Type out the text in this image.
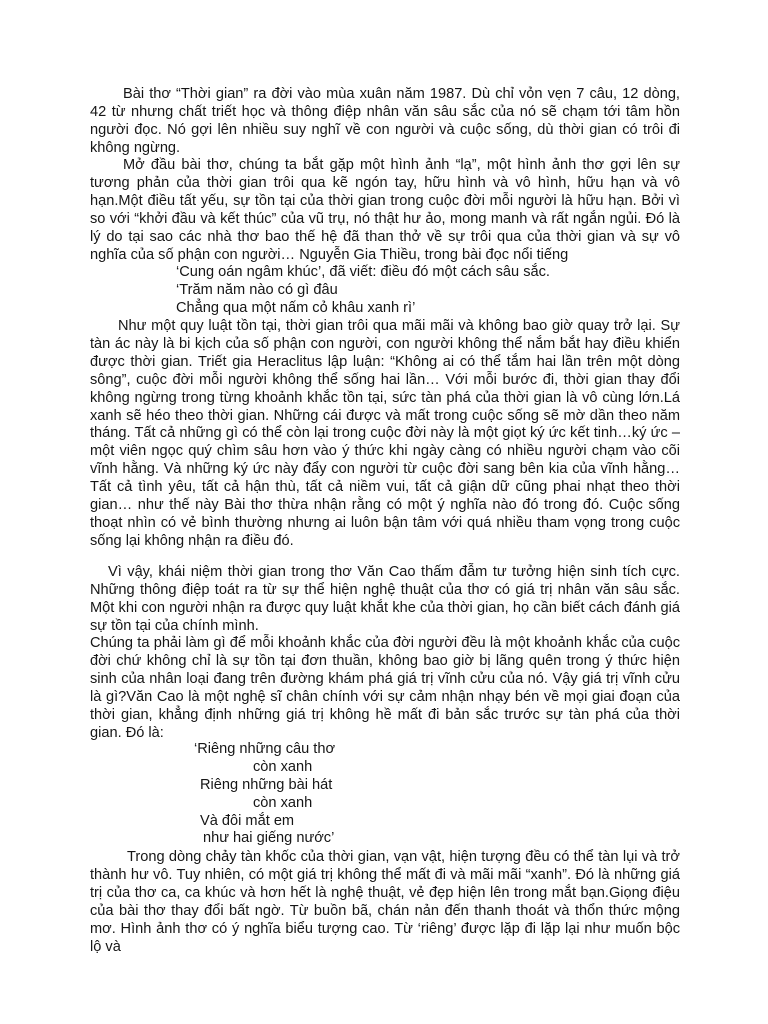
Bài thơ “Thời gian” ra đời vào mùa xuân năm 1987. Dù chỉ vỏn vẹn 7 câu, 12 dòng, 42 từ nhưng chất triết học và thông điệp nhân văn sâu sắc của nó sẽ chạm tới tâm hồn người đọc. Nó gợi lên nhiều suy nghĩ về con người và cuộc sống, dù thời gian có trôi đi không ngừng.

Mở đầu bài thơ, chúng ta bắt gặp một hình ảnh “lạ”, một hình ảnh thơ gợi lên sự tương phản của thời gian trôi qua kẽ ngón tay, hữu hình và vô hình, hữu hạn và vô hạn.Một điều tất yếu, sự tồn tại của thời gian trong cuộc đời mỗi người là hữu hạn. Bởi vì so với “khởi đầu và kết thúc” của vũ trụ, nó thật hư ảo, mong manh và rất ngắn ngủi. Đó là lý do tại sao các nhà thơ bao thế hệ đã than thở về sự trôi qua của thời gian và sự vô nghĩa của số phận con người… Nguyễn Gia Thiều, trong bài đọc nổi tiếng

‘Cung oán ngâm khúc’, đã viết: điều đó một cách sâu sắc.

‘Trăm năm nào có gì đâu

Chẳng qua một nấm cỏ khâu xanh rì’

Như một quy luật tồn tại, thời gian trôi qua mãi mãi và không bao giờ quay trở lại. Sự tàn ác này là bi kịch của số phận con người, con người không thể nắm bắt hay điều khiển được thời gian. Triết gia Heraclitus lập luận: “Không ai có thể tắm hai lần trên một dòng sông”, cuộc đời mỗi người không thể sống hai lần… Với mỗi bước đi, thời gian thay đổi không ngừng trong từng khoảnh khắc tồn tại, sức tàn phá của thời gian là vô cùng lớn.Lá xanh sẽ héo theo thời gian. Những cái được và mất trong cuộc sống sẽ mờ dần theo năm tháng. Tất cả những gì có thể còn lại trong cuộc đời này là một giọt ký ức kết tinh…ký ức – một viên ngọc quý chìm sâu hơn vào ý thức khi ngày càng có nhiều người chạm vào cõi vĩnh hằng. Và những ký ức này đẩy con người từ cuộc đời sang bên kia của vĩnh hằng… Tất cả tình yêu, tất cả hận thù, tất cả niềm vui, tất cả giận dữ cũng phai nhạt theo thời gian… như thế này Bài thơ thừa nhận rằng có một ý nghĩa nào đó trong đó. Cuộc sống thoạt nhìn có vẻ bình thường nhưng ai luôn bận tâm với quá nhiều tham vọng trong cuộc sống lại không nhận ra điều đó.

Vì vậy, khái niệm thời gian trong thơ Văn Cao thấm đẫm tư tưởng hiện sinh tích cực. Những thông điệp toát ra từ sự thể hiện nghệ thuật của thơ có giá trị nhân văn sâu sắc. Một khi con người nhận ra được quy luật khắt khe của thời gian, họ cần biết cách đánh giá sự tồn tại của chính mình.

Chúng ta phải làm gì để mỗi khoảnh khắc của đời người đều là một khoảnh khắc của cuộc đời chứ không chỉ là sự tồn tại đơn thuần, không bao giờ bị lãng quên trong ý thức hiện sinh của nhân loại đang trên đường khám phá giá trị vĩnh cửu của nó. Vậy giá trị vĩnh cửu là gì?Văn Cao là một nghệ sĩ chân chính với sự cảm nhận nhạy bén về mọi giai đoạn của thời gian, khẳng định những giá trị không hề mất đi bản sắc trước sự tàn phá của thời gian. Đó là:

‘Riêng những câu thơ

còn xanh

Riêng những bài hát

còn xanh

Và đôi mắt em

như hai giếng nước’

Trong dòng chảy tàn khốc của thời gian, vạn vật, hiện tượng đều có thể tàn lụi và trở thành hư vô. Tuy nhiên, có một giá trị không thể mất đi và mãi mãi “xanh”. Đó là những giá trị của thơ ca, ca khúc và hơn hết là nghệ thuật, vẻ đẹp hiện lên trong mắt bạn.Giọng điệu của bài thơ thay đổi bất ngờ. Từ buồn bã, chán nản đến thanh thoát và thổn thức mộng mơ. Hình ảnh thơ có ý nghĩa biểu tượng cao. Từ ‘riêng’ được lặp đi lặp lại như muốn bộc lộ và
